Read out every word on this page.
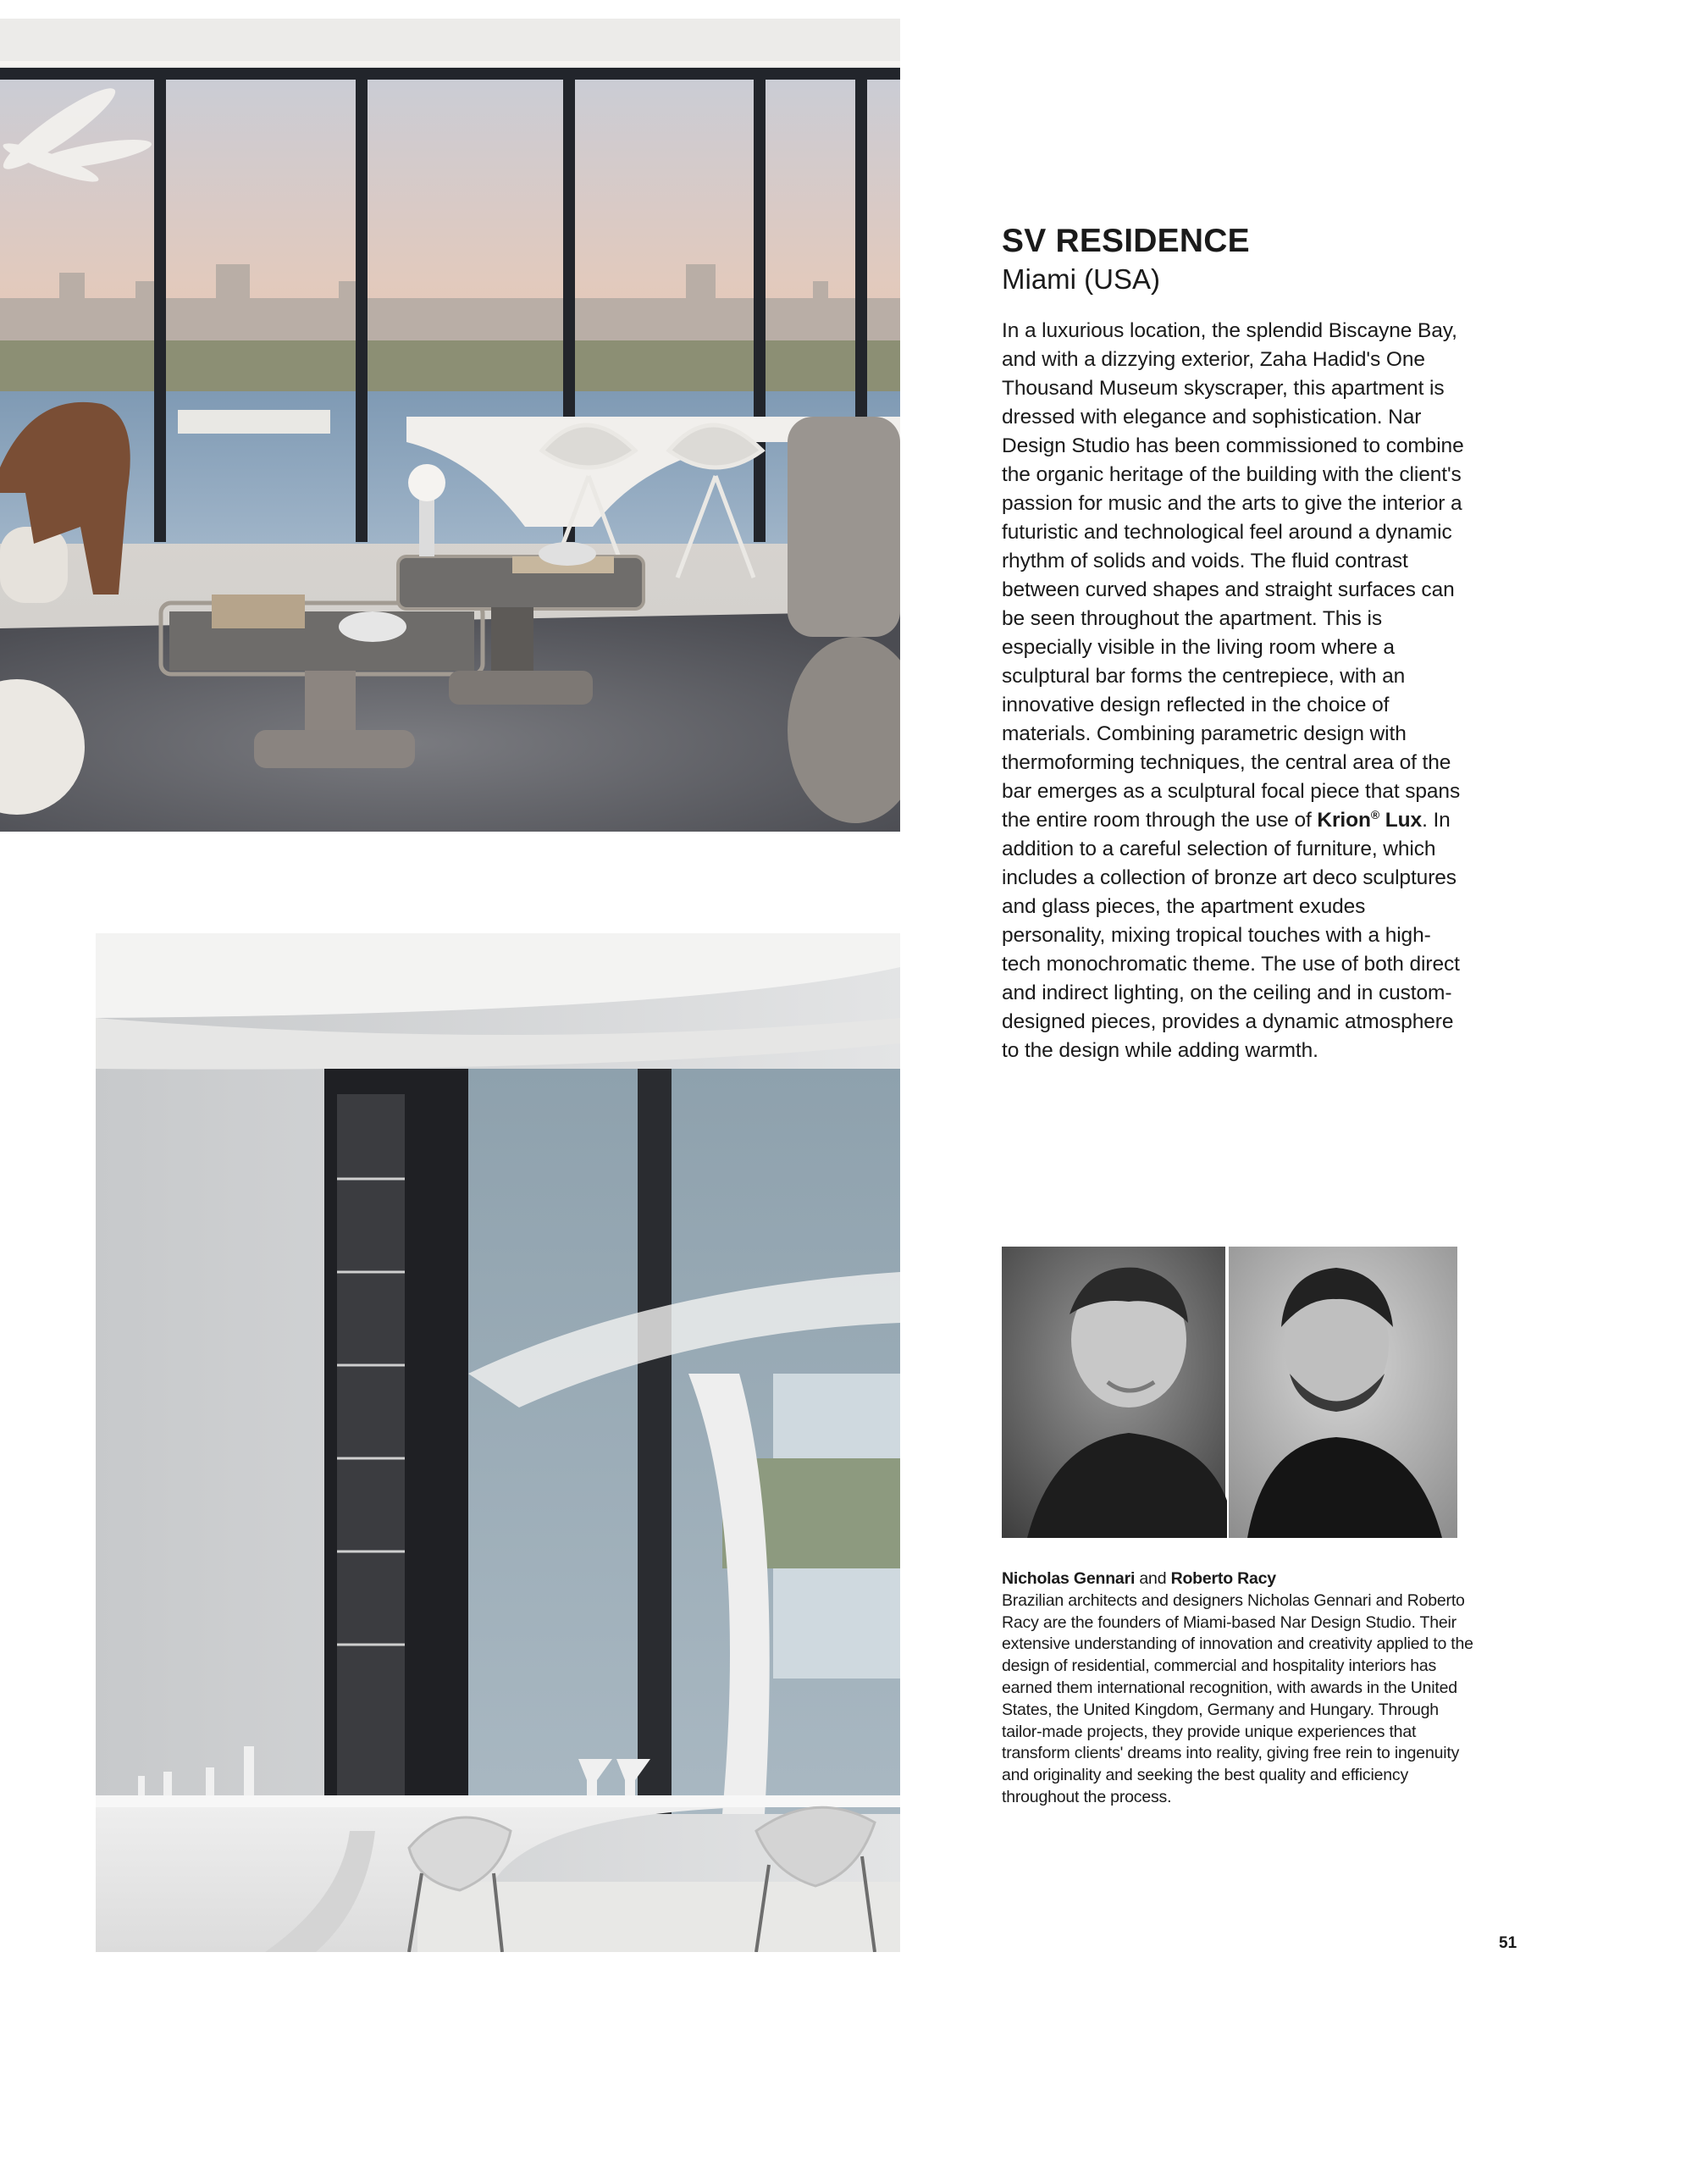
SV RESIDENCE
Miami (USA)

In a luxurious location, the splendid Biscayne Bay, and with a dizzying exterior, Zaha Hadid's One Thousand Museum skyscraper, this apartment is dressed with elegance and sophistication. Nar Design Studio has been commissioned to combine the organic heritage of the building with the client's passion for music and the arts to give the interior a futuristic and technological feel around a dynamic rhythm of solids and voids. The fluid contrast between curved shapes and straight surfaces can be seen throughout the apartment. This is especially visible in the living room where a sculptural bar forms the centrepiece, with an innovative design reflected in the choice of materials. Combining parametric design with thermoforming techniques, the central area of the bar emerges as a sculptural focal piece that spans the entire room through the use of Krion® Lux. In addition to a careful selection of furniture, which includes a collection of bronze art deco sculptures and glass pieces, the apartment exudes personality, mixing tropical touches with a high-tech monochromatic theme. The use of both direct and indirect lighting, on the ceiling and in custom-designed pieces, provides a dynamic atmosphere to the design while adding warmth.

Nicholas Gennari and Roberto Racy

Brazilian architects and designers Nicholas Gennari and Roberto Racy are the founders of Miami-based Nar Design Studio. Their extensive understanding of innovation and creativity applied to the design of residential, commercial and hospitality interiors has earned them international recognition, with awards in the United States, the United Kingdom, Germany and Hungary. Through tailor-made projects, they provide unique experiences that transform clients' dreams into reality, giving free rein to ingenuity and originality and seeking the best quality and efficiency throughout the process.

51
